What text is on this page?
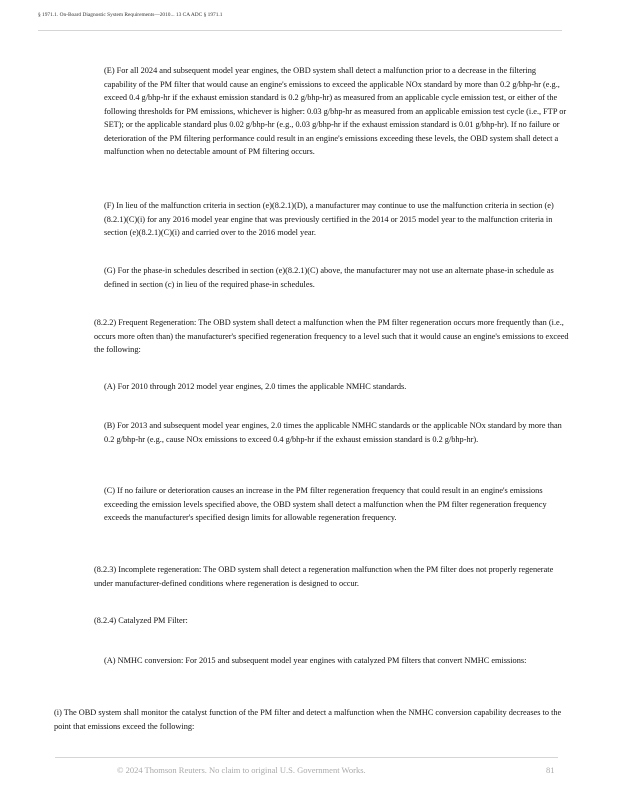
§ 1971.1. On-Board Diagnostic System Requirements—2010... 13 CA ADC § 1971.1

(E) For all 2024 and subsequent model year engines, the OBD system shall detect a malfunction prior to a decrease in the filtering capability of the PM filter that would cause an engine's emissions to exceed the applicable NOx standard by more than 0.2 g/bhp-hr (e.g., exceed 0.4 g/bhp-hr if the exhaust emission standard is 0.2 g/bhp-hr) as measured from an applicable cycle emission test, or either of the following thresholds for PM emissions, whichever is higher: 0.03 g/bhp-hr as measured from an applicable emission test cycle (i.e., FTP or SET); or the applicable standard plus 0.02 g/bhp-hr (e.g., 0.03 g/bhp-hr if the exhaust emission standard is 0.01 g/bhp-hr). If no failure or deterioration of the PM filtering performance could result in an engine's emissions exceeding these levels, the OBD system shall detect a malfunction when no detectable amount of PM filtering occurs.

(F) In lieu of the malfunction criteria in section (e)(8.2.1)(D), a manufacturer may continue to use the malfunction criteria in section (e)(8.2.1)(C)(i) for any 2016 model year engine that was previously certified in the 2014 or 2015 model year to the malfunction criteria in section (e)(8.2.1)(C)(i) and carried over to the 2016 model year.

(G) For the phase-in schedules described in section (e)(8.2.1)(C) above, the manufacturer may not use an alternate phase-in schedule as defined in section (c) in lieu of the required phase-in schedules.

(8.2.2) Frequent Regeneration: The OBD system shall detect a malfunction when the PM filter regeneration occurs more frequently than (i.e., occurs more often than) the manufacturer's specified regeneration frequency to a level such that it would cause an engine's emissions to exceed the following:

(A) For 2010 through 2012 model year engines, 2.0 times the applicable NMHC standards.

(B) For 2013 and subsequent model year engines, 2.0 times the applicable NMHC standards or the applicable NOx standard by more than 0.2 g/bhp-hr (e.g., cause NOx emissions to exceed 0.4 g/bhp-hr if the exhaust emission standard is 0.2 g/bhp-hr).

(C) If no failure or deterioration causes an increase in the PM filter regeneration frequency that could result in an engine's emissions exceeding the emission levels specified above, the OBD system shall detect a malfunction when the PM filter regeneration frequency exceeds the manufacturer's specified design limits for allowable regeneration frequency.

(8.2.3) Incomplete regeneration: The OBD system shall detect a regeneration malfunction when the PM filter does not properly regenerate under manufacturer-defined conditions where regeneration is designed to occur.

(8.2.4) Catalyzed PM Filter:

(A) NMHC conversion: For 2015 and subsequent model year engines with catalyzed PM filters that convert NMHC emissions:

(i) The OBD system shall monitor the catalyst function of the PM filter and detect a malfunction when the NMHC conversion capability decreases to the point that emissions exceed the following:

© 2024 Thomson Reuters. No claim to original U.S. Government Works.	81
